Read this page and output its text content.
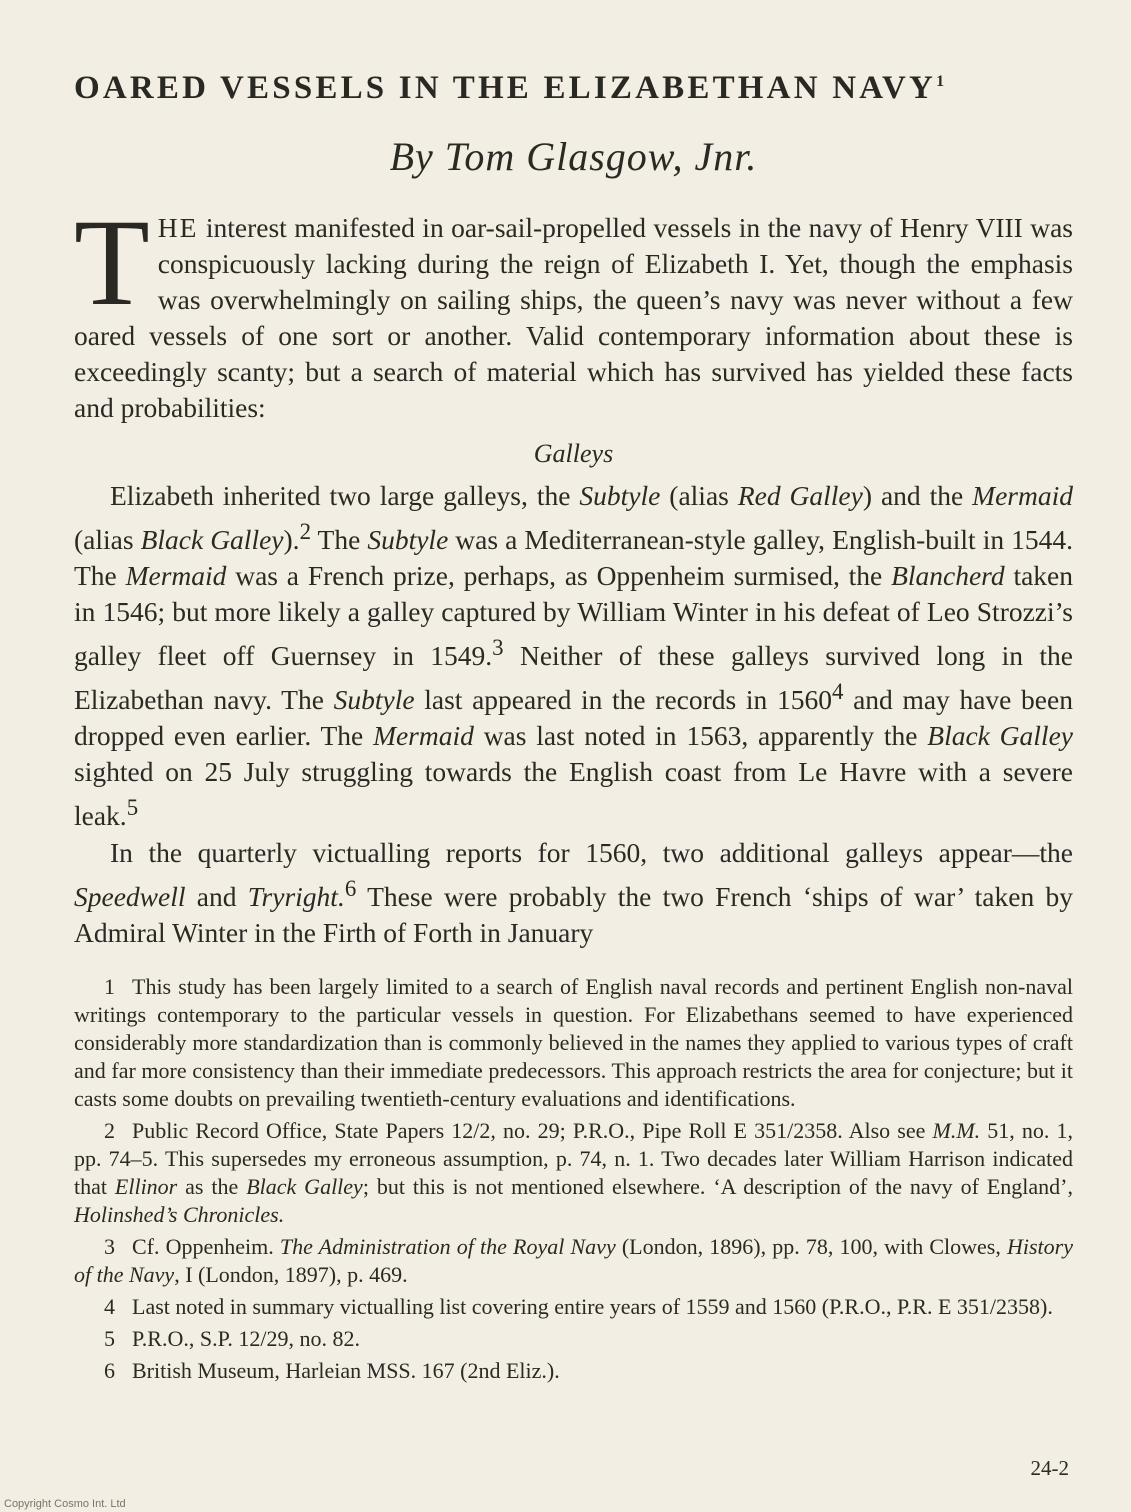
OARED VESSELS IN THE ELIZABETHAN NAVY$^1$
By Tom Glasgow, Jnr.

THE interest manifested in oar-sail-propelled vessels in the navy of Henry VIII was conspicuously lacking during the reign of Elizabeth I. Yet, though the emphasis was overwhelmingly on sailing ships, the queen’s navy was never without a few oared vessels of one sort or another. Valid contemporary information about these is exceedingly scanty; but a search of material which has survived has yielded these facts and probabilities:

Galleys

Elizabeth inherited two large galleys, the Subtyle (alias Red Galley) and the Mermaid (alias Black Galley).$^2$ The Subtyle was a Mediterranean-style galley, English-built in 1544. The Mermaid was a French prize, perhaps, as Oppenheim surmised, the Blancherd taken in 1546; but more likely a galley captured by William Winter in his defeat of Leo Strozzi’s galley fleet off Guernsey in 1549.$^3$ Neither of these galleys survived long in the Elizabethan navy. The Subtyle last appeared in the records in 1560$^4$ and may have been dropped even earlier. The Mermaid was last noted in 1563, apparently the Black Galley sighted on 25 July struggling towards the English coast from Le Havre with a severe leak.$^5$

In the quarterly victualling reports for 1560, two additional galleys appear—the Speedwell and Tryright.$^6$ These were probably the two French ‘ships of war’ taken by Admiral Winter in the Firth of Forth in January

1 This study has been largely limited to a search of English naval records and pertinent English non-naval writings contemporary to the particular vessels in question. For Elizabethans seemed to have experienced considerably more standardization than is commonly believed in the names they applied to various types of craft and far more consistency than their immediate predecessors. This approach restricts the area for conjecture; but it casts some doubts on prevailing twentieth-century evaluations and identifications.

2 Public Record Office, State Papers 12/2, no. 29; P.R.O., Pipe Roll E 351/2358. Also see M.M. 51, no. 1, pp. 74–5. This supersedes my erroneous assumption, p. 74, n. 1. Two decades later William Harrison indicated that Ellinor as the Black Galley; but this is not mentioned elsewhere. ‘A description of the navy of England’, Holinshed’s Chronicles.

3 Cf. Oppenheim. The Administration of the Royal Navy (London, 1896), pp. 78, 100, with Clowes, History of the Navy, I (London, 1897), p. 469.

4 Last noted in summary victualling list covering entire years of 1559 and 1560 (P.R.O., P.R. E 351/2358).

5 P.R.O., S.P. 12/29, no. 82.

6 British Museum, Harleian MSS. 167 (2nd Eliz.).

24-2
Copyright Cosmo Int. Ltd
